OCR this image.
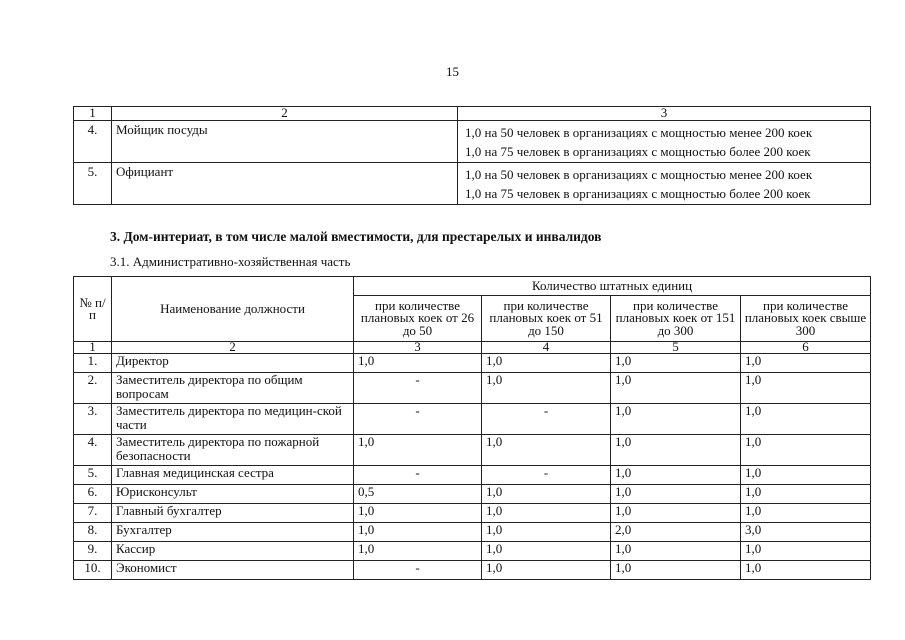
15
1	2	3
4.	Мойщик посуды	1,0 на 50 человек в организациях с мощностью менее 200 коек
1,0 на 75 человек в организациях с мощностью более 200 коек

5.	Официант	1,0 на 50 человек в организациях с мощностью менее 200 коек
1,0 на 75 человек в организациях с мощностью более 200 коек
3. Дом-интериат, в том числе малой вместимости, для престарелых и инвалидов
3.1. Административно-хозяйственная часть
№ п/п	Наименование должности	Количество штатных единиц			
		при количестве плановых коек от 26 до 50	при количестве плановых коек от 51 до 150	при количестве плановых коек от 151 до 300	при количестве плановых коек свыше 300
1	2	3	4	5	6
1.	Директор	1,0	1,0	1,0	1,0
2.	Заместитель директора по общим вопросам	-	1,0	1,0	1,0
3.	Заместитель директора по медицин-ской части	-	-	1,0	1,0
4.	Заместитель директора по пожарной безопасности	1,0	1,0	1,0	1,0
5.	Главная медицинская сестра	-	-	1,0	1,0
6.	Юрисконсульт	0,5	1,0	1,0	1,0
7.	Главный бухгалтер	1,0	1,0	1,0	1,0
8.	Бухгалтер	1,0	1,0	2,0	3,0
9.	Кассир	1,0	1,0	1,0	1,0
10.	Экономист	-	1,0	1,0	1,0
